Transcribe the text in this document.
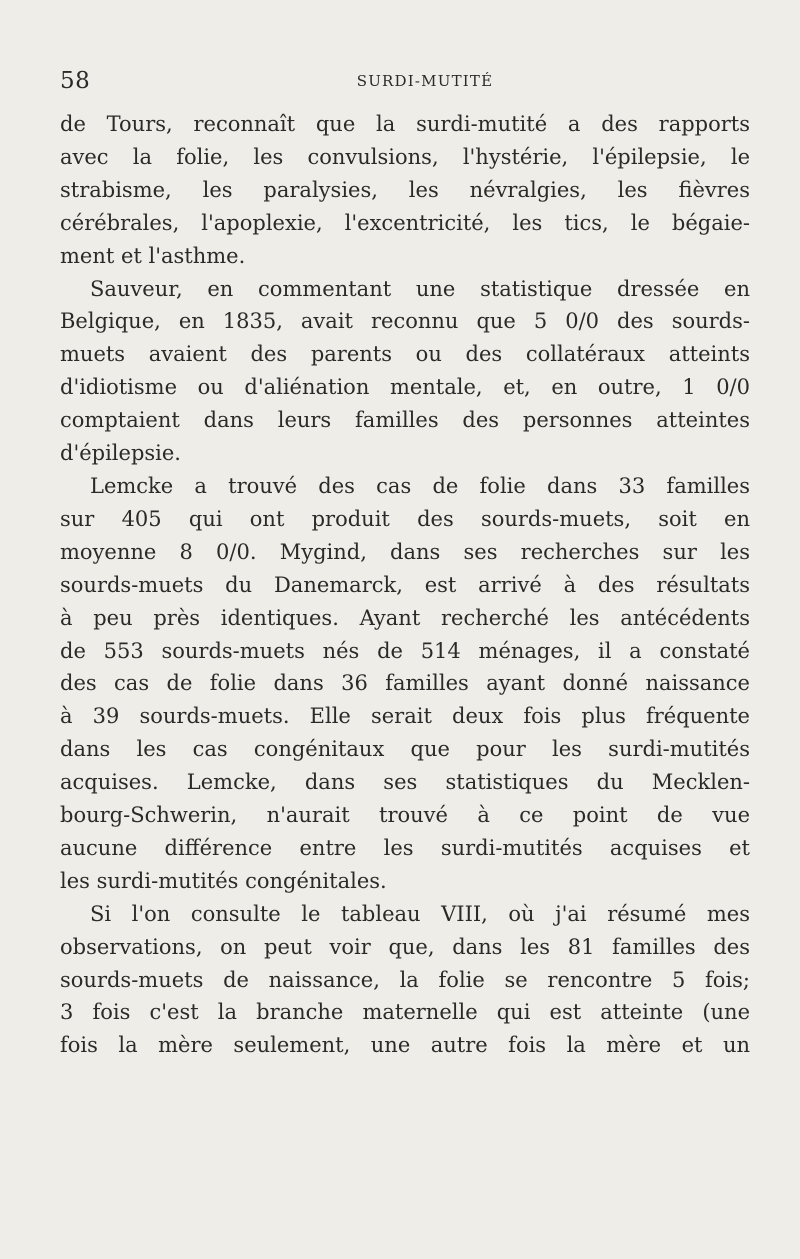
58	SURDI-MUTITÉ

de Tours, reconnaît que la surdi-mutité a des rapports
avec la folie, les convulsions, l'hystérie, l'épilepsie, le
strabisme, les paralysies, les névralgies, les fièvres
cérébrales, l'apoplexie, l'excentricité, les tics, le bégaie-
ment et l'asthme.

Sauveur, en commentant une statistique dressée en
Belgique, en 1835, avait reconnu que 5 0/0 des sourds-
muets avaient des parents ou des collatéraux atteints
d'idiotisme ou d'aliénation mentale, et, en outre, 1 0/0
comptaient dans leurs familles des personnes atteintes
d'épilepsie.

Lemcke a trouvé des cas de folie dans 33 familles
sur 405 qui ont produit des sourds-muets, soit en
moyenne 8 0/0. Mygind, dans ses recherches sur les
sourds-muets du Danemarck, est arrivé à des résultats
à peu près identiques. Ayant recherché les antécédents
de 553 sourds-muets nés de 514 ménages, il a constaté
des cas de folie dans 36 familles ayant donné naissance
à 39 sourds-muets. Elle serait deux fois plus fréquente
dans les cas congénitaux que pour les surdi-mutités
acquises. Lemcke, dans ses statistiques du Mecklen-
bourg-Schwerin, n'aurait trouvé à ce point de vue
aucune différence entre les surdi-mutités acquises et
les surdi-mutités congénitales.

Si l'on consulte le tableau VIII, où j'ai résumé mes
observations, on peut voir que, dans les 81 familles des
sourds-muets de naissance, la folie se rencontre 5 fois;
3 fois c'est la branche maternelle qui est atteinte (une
fois la mère seulement, une autre fois la mère et un
